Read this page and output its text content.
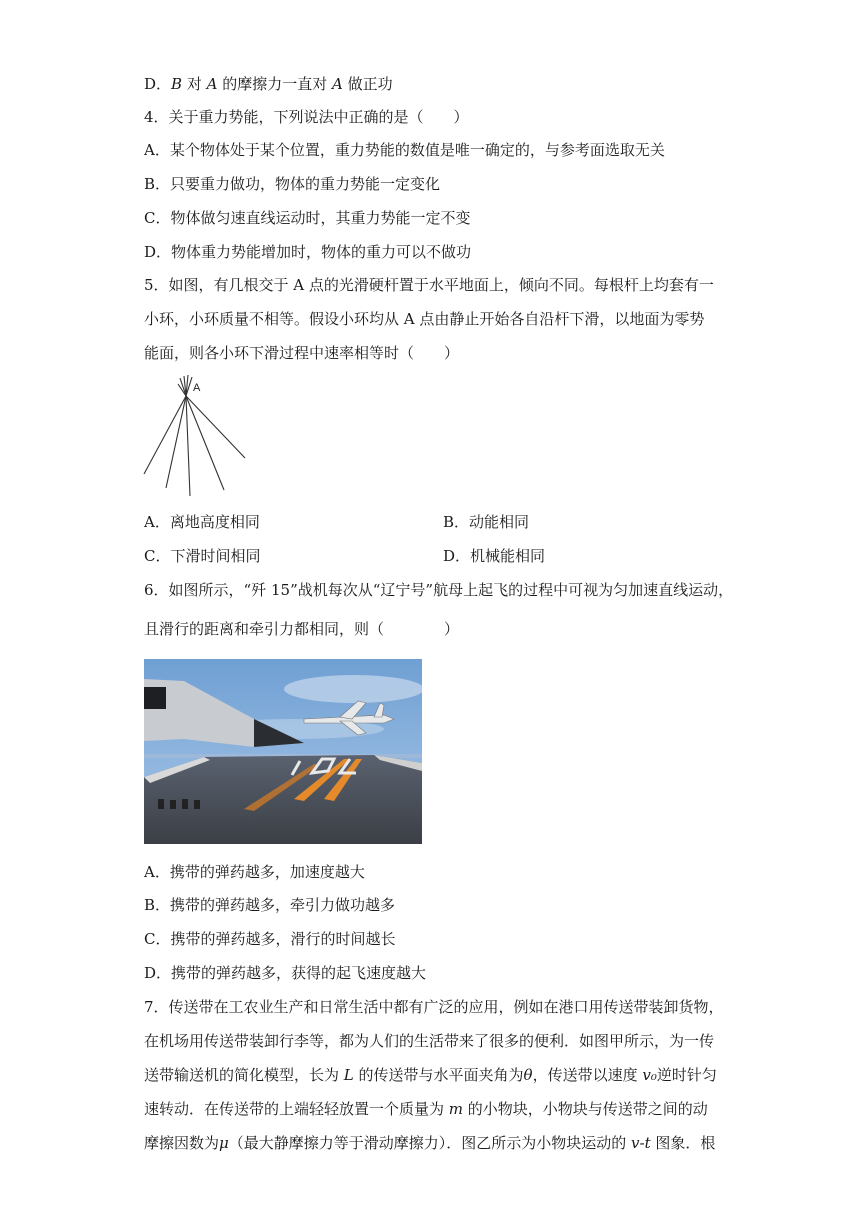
D．B 对 A 的摩擦力一直对 A 做正功
4．关于重力势能，下列说法中正确的是（　　）
A．某个物体处于某个位置，重力势能的数值是唯一确定的，与参考面选取无关
B．只要重力做功，物体的重力势能一定变化
C．物体做匀速直线运动时，其重力势能一定不变
D．物体重力势能增加时，物体的重力可以不做功
5．如图，有几根交于 A 点的光滑硬杆置于水平地面上，倾向不同。每根杆上均套有一
小环，小环质量不相等。假设小环均从 A 点由静止开始各自沿杆下滑，以地面为零势
能面，则各小环下滑过程中速率相等时（　　）
A
A．离地高度相同	B．动能相同
C．下滑时间相同	D．机械能相同
6．如图所示，“歼 15”战机每次从“辽宁号”航母上起飞的过程中可视为匀加速直线运动，
且滑行的距离和牵引力都相同，则（　　　　）
A．携带的弹药越多，加速度越大
B．携带的弹药越多，牵引力做功越多
C．携带的弹药越多，滑行的时间越长
D．携带的弹药越多，获得的起飞速度越大
7．传送带在工农业生产和日常生活中都有广泛的应用，例如在港口用传送带装卸货物，
在机场用传送带装卸行李等，都为人们的生活带来了很多的便利．如图甲所示，为一传
送带输送机的简化模型，长为 L 的传送带与水平面夹角为θ，传送带以速度 v₀逆时针匀
速转动．在传送带的上端轻轻放置一个质量为 m 的小物块，小物块与传送带之间的动
摩擦因数为μ（最大静摩擦力等于滑动摩擦力）．图乙所示为小物块运动的 v-t 图象．根
